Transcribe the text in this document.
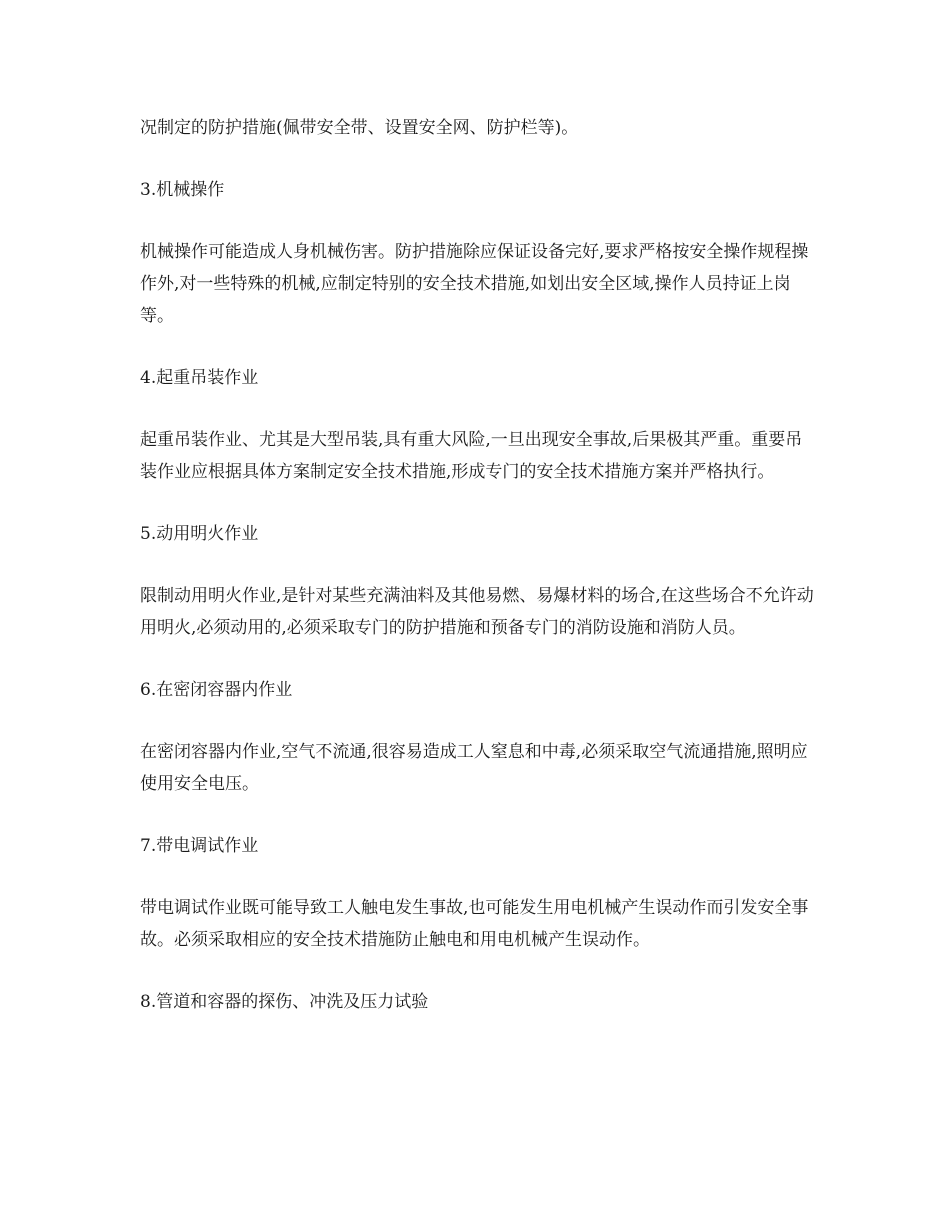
况制定的防护措施(佩带安全带、设置安全网、防护栏等)。

3.机械操作

机械操作可能造成人身机械伤害。防护措施除应保证设备完好,要求严格按安全操作规程操作外,对一些特殊的机械,应制定特别的安全技术措施,如划出安全区域,操作人员持证上岗等。

4.起重吊装作业

起重吊装作业、尤其是大型吊装,具有重大风险,一旦出现安全事故,后果极其严重。重要吊装作业应根据具体方案制定安全技术措施,形成专门的安全技术措施方案并严格执行。

5.动用明火作业

限制动用明火作业,是针对某些充满油料及其他易燃、易爆材料的场合,在这些场合不允许动用明火,必须动用的,必须采取专门的防护措施和预备专门的消防设施和消防人员。

6.在密闭容器内作业

在密闭容器内作业,空气不流通,很容易造成工人窒息和中毒,必须采取空气流通措施,照明应使用安全电压。

7.带电调试作业

带电调试作业既可能导致工人触电发生事故,也可能发生用电机械产生误动作而引发安全事故。必须采取相应的安全技术措施防止触电和用电机械产生误动作。

8.管道和容器的探伤、冲洗及压力试验
